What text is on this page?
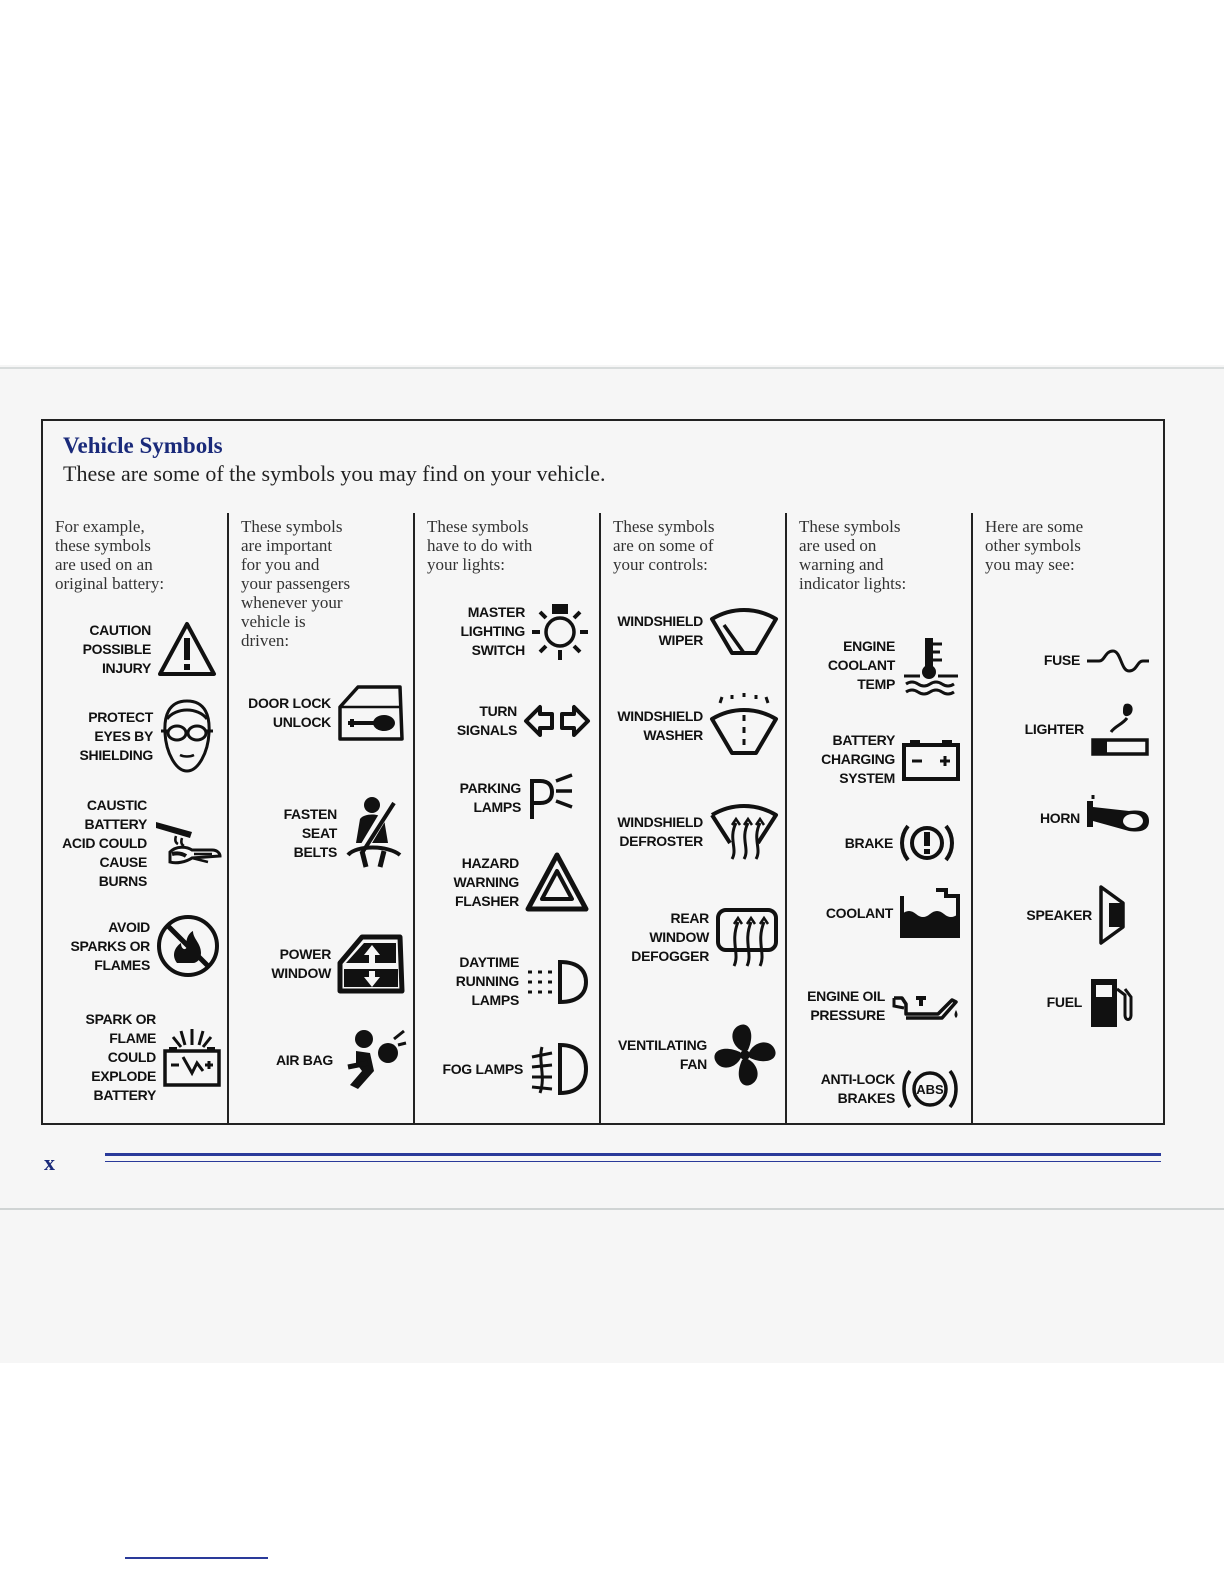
Vehicle Symbols
These are some of the symbols you may find on your vehicle.
For example,
these symbols
are used on an
original battery:
CAUTION
POSSIBLE
INJURY
PROTECT
EYES BY
SHIELDING
CAUSTIC
BATTERY
ACID COULD
CAUSE
BURNS
AVOID
SPARKS OR
FLAMES
SPARK OR
FLAME
COULD
EXPLODE
BATTERY
These symbols
are important
for you and
your passengers
whenever your
vehicle is
driven:
DOOR LOCK
UNLOCK
FASTEN
SEAT
BELTS
POWER
WINDOW
AIR BAG
These symbols
have to do with
your lights:
MASTER
LIGHTING
SWITCH
TURN
SIGNALS
PARKING
LAMPS
HAZARD
WARNING
FLASHER
DAYTIME
RUNNING
LAMPS
FOG LAMPS
These symbols
are on some of
your controls:
WINDSHIELD
WIPER
WINDSHIELD
WASHER
WINDSHIELD
DEFROSTER
REAR
WINDOW
DEFOGGER
VENTILATING
FAN
These symbols
are used on
warning and
indicator lights:
ENGINE
COOLANT
TEMP
BATTERY
CHARGING
SYSTEM
BRAKE
COOLANT
ENGINE OIL
PRESSURE
ANTI-LOCK
BRAKES
ABS
Here are some
other symbols
you may see:
FUSE
LIGHTER
HORN
SPEAKER
FUEL
x
